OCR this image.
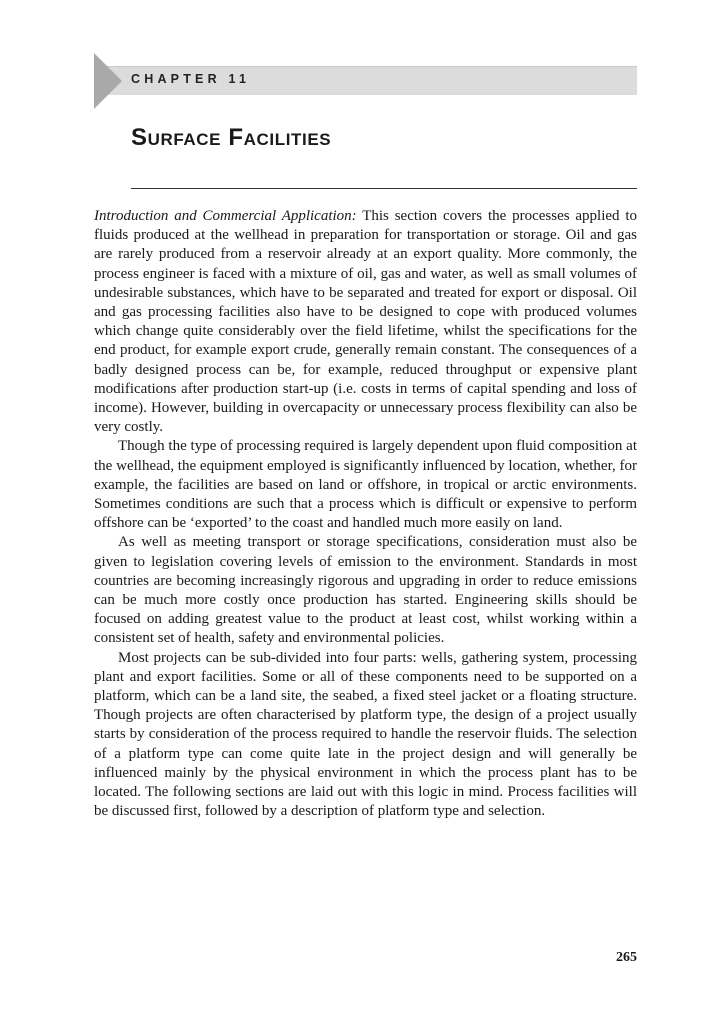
CHAPTER 11
Surface Facilities

Introduction and Commercial Application: This section covers the processes applied to fluids produced at the wellhead in preparation for transportation or storage. Oil and gas are rarely produced from a reservoir already at an export quality. More commonly, the process engineer is faced with a mixture of oil, gas and water, as well as small volumes of undesirable substances, which have to be separated and treated for export or disposal. Oil and gas processing facilities also have to be designed to cope with produced volumes which change quite considerably over the field lifetime, whilst the specifications for the end product, for example export crude, generally remain constant. The consequences of a badly designed process can be, for example, reduced throughput or expensive plant modifications after production start-up (i.e. costs in terms of capital spending and loss of income). However, building in overcapacity or unnecessary process flexibility can also be very costly.

Though the type of processing required is largely dependent upon fluid composition at the wellhead, the equipment employed is significantly influenced by location, whether, for example, the facilities are based on land or offshore, in tropical or arctic environments. Sometimes conditions are such that a process which is difficult or expensive to perform offshore can be ‘exported’ to the coast and handled much more easily on land.

As well as meeting transport or storage specifications, consideration must also be given to legislation covering levels of emission to the environment. Standards in most countries are becoming increasingly rigorous and upgrading in order to reduce emissions can be much more costly once production has started. Engineering skills should be focused on adding greatest value to the product at least cost, whilst working within a consistent set of health, safety and environmental policies.

Most projects can be sub-divided into four parts: wells, gathering system, processing plant and export facilities. Some or all of these components need to be supported on a platform, which can be a land site, the seabed, a fixed steel jacket or a floating structure. Though projects are often characterised by platform type, the design of a project usually starts by consideration of the process required to handle the reservoir fluids. The selection of a platform type can come quite late in the project design and will generally be influenced mainly by the physical environment in which the process plant has to be located. The following sections are laid out with this logic in mind. Process facilities will be discussed first, followed by a description of platform type and selection.

265
